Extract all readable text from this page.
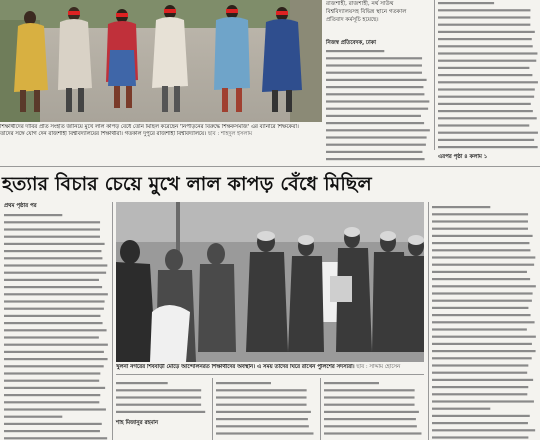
শিক্ষার্থীদের দাবির প্রতি সংহতি জানিয়ে মুখে লাল কাপড় বেঁধে তৌন মিছিল করেছেন 'নিপীড়নের বিরুদ্ধে শিক্ষকসমাজ' এর ব্যানারে শিক্ষকেরা।
তাঁদের সঙ্গে যোগ দেন রাজশাহী বিশ্ববিদ্যালয়ের শিক্ষার্থীরা। গতকাল দুপুরে রাজশাহী বিশ্ববিদ্যালয়ে। ছবি : শহিদুল ইসলাম
রাজশাহী, রাজশাহী, নর্থ সাউথ
বিশ্ববিদ্যালয়সহ বিভিন্ন স্থানে গতকাল
প্রতিবাদ কর্মসূচি হয়েছে।
নিজস্ব প্রতিবেদক, ঢাকা
এরপর পৃষ্ঠা ৪ কলাম ১
হত্যার বিচার চেয়ে মুখে লাল কাপড় বেঁধে মিছিল
প্রথম পৃষ্ঠার পর
খুলনা নগরের শিববাড়ী মোড়ে আন্দোলনরত শিক্ষার্থীদের অবস্থান। এ সময় তাঁদের ঘিরে রাখেন পুলিশের সদস্যরা। ছবি : সাদ্দাম হোসেন
শাহ মিজানুর রহমান
